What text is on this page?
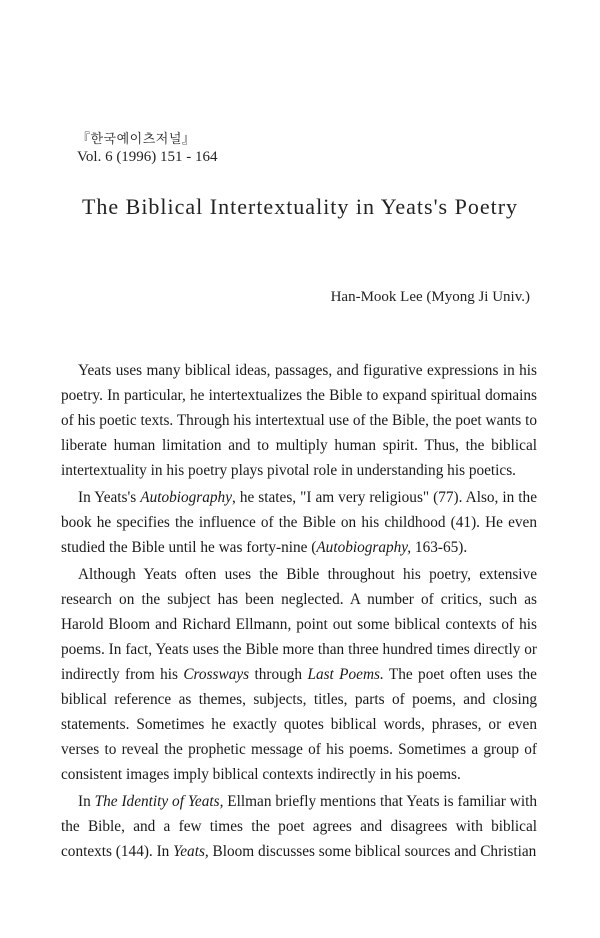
『한국예이츠저널』
Vol. 6 (1996) 151 - 164
The Biblical Intertextuality in Yeats's Poetry
Han-Mook Lee (Myong Ji Univ.)

Yeats uses many biblical ideas, passages, and figurative expressions in his poetry. In particular, he intertextualizes the Bible to expand spiritual domains of his poetic texts. Through his intertextual use of the Bible, the poet wants to liberate human limitation and to multiply human spirit. Thus, the biblical intertextuality in his poetry plays pivotal role in understanding his poetics.

In Yeats's Autobiography, he states, "I am very religious" (77). Also, in the book he specifies the influence of the Bible on his childhood (41). He even studied the Bible until he was forty-nine (Autobiography, 163-65).

Although Yeats often uses the Bible throughout his poetry, extensive research on the subject has been neglected. A number of critics, such as Harold Bloom and Richard Ellmann, point out some biblical contexts of his poems. In fact, Yeats uses the Bible more than three hundred times directly or indirectly from his Crossways through Last Poems. The poet often uses the biblical reference as themes, subjects, titles, parts of poems, and closing statements. Sometimes he exactly quotes biblical words, phrases, or even verses to reveal the prophetic message of his poems. Sometimes a group of consistent images imply biblical contexts indirectly in his poems.

In The Identity of Yeats, Ellman briefly mentions that Yeats is familiar with the Bible, and a few times the poet agrees and disagrees with biblical contexts (144). In Yeats, Bloom discusses some biblical sources and Christian
